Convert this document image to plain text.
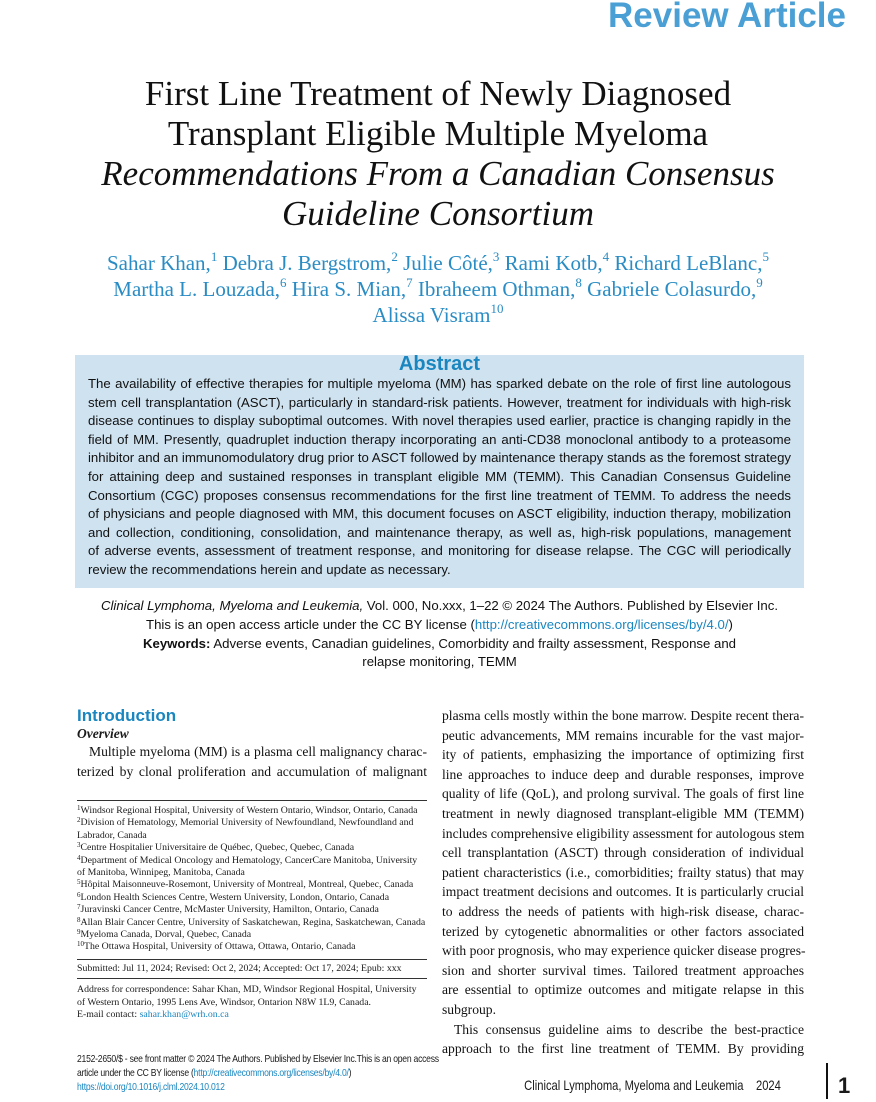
Review Article
First Line Treatment of Newly Diagnosed
Transplant Eligible Multiple Myeloma
Recommendations From a Canadian Consensus
Guideline Consortium
Sahar Khan,$^1$ Debra J. Bergstrom,$^2$ Julie Côté,$^3$ Rami Kotb,$^4$ Richard LeBlanc,$^5$
Martha L. Louzada,$^6$ Hira S. Mian,$^7$ Ibraheem Othman,$^8$ Gabriele Colasurdo,$^9$
Alissa Visram$^{10}$
Abstract
The availability of effective therapies for multiple myeloma (MM) has sparked debate on the role of first line autologous
stem cell transplantation (ASCT), particularly in standard-risk patients. However, treatment for individuals with high-risk
disease continues to display suboptimal outcomes. With novel therapies used earlier, practice is changing rapidly in the
field of MM. Presently, quadruplet induction therapy incorporating an anti-CD38 monoclonal antibody to a proteasome
inhibitor and an immunomodulatory drug prior to ASCT followed by maintenance therapy stands as the foremost strategy
for attaining deep and sustained responses in transplant eligible MM (TEMM). This Canadian Consensus Guideline
Consortium (CGC) proposes consensus recommendations for the first line treatment of TEMM. To address the needs
of physicians and people diagnosed with MM, this document focuses on ASCT eligibility, induction therapy, mobilization
and collection, conditioning, consolidation, and maintenance therapy, as well as, high-risk populations, management
of adverse events, assessment of treatment response, and monitoring for disease relapse. The CGC will periodically
review the recommendations herein and update as necessary.
Clinical Lymphoma, Myeloma and Leukemia, Vol. 000, No.xxx, 1–22 © 2024 The Authors. Published by Elsevier Inc.
This is an open access article under the CC BY license (http://creativecommons.org/licenses/by/4.0/)
Keywords: Adverse events, Canadian guidelines, Comorbidity and frailty assessment, Response and relapse monitoring, TEMM
Introduction
Overview
Multiple myeloma (MM) is a plasma cell malignancy charac-
terized by clonal proliferation and accumulation of malignant
$^1$Windsor Regional Hospital, University of Western Ontario, Windsor, Ontario, Canada
$^2$Division of Hematology, Memorial University of Newfoundland, Newfoundland and Labrador, Canada
$^3$Centre Hospitalier Universitaire de Québec, Quebec, Quebec, Canada
$^4$Department of Medical Oncology and Hematology, CancerCare Manitoba, University of Manitoba, Winnipeg, Manitoba, Canada
$^5$Hôpital Maisonneuve-Rosemont, University of Montreal, Montreal, Quebec, Canada
$^6$London Health Sciences Centre, Western University, London, Ontario, Canada
$^7$Juravinski Cancer Centre, McMaster University, Hamilton, Ontario, Canada
$^8$Allan Blair Cancer Centre, University of Saskatchewan, Regina, Saskatchewan, Canada
$^9$Myeloma Canada, Dorval, Quebec, Canada
$^{10}$The Ottawa Hospital, University of Ottawa, Ottawa, Ontario, Canada
Submitted: Jul 11, 2024; Revised: Oct 2, 2024; Accepted: Oct 17, 2024; Epub: xxx
Address for correspondence: Sahar Khan, MD, Windsor Regional Hospital, University of Western Ontario, 1995 Lens Ave, Windsor, Ontarion N8W 1L9, Canada.
E-mail contact: sahar.khan@wrh.on.ca
plasma cells mostly within the bone marrow. Despite recent thera-
peutic advancements, MM remains incurable for the vast major-
ity of patients, emphasizing the importance of optimizing first
line approaches to induce deep and durable responses, improve
quality of life (QoL), and prolong survival. The goals of first line
treatment in newly diagnosed transplant-eligible MM (TEMM)
includes comprehensive eligibility assessment for autologous stem
cell transplantation (ASCT) through consideration of individual
patient characteristics (i.e., comorbidities; frailty status) that may
impact treatment decisions and outcomes. It is particularly crucial
to address the needs of patients with high-risk disease, charac-
terized by cytogenetic abnormalities or other factors associated
with poor prognosis, who may experience quicker disease progres-
sion and shorter survival times. Tailored treatment approaches
are essential to optimize outcomes and mitigate relapse in this
subgroup.
This consensus guideline aims to describe the best-practice
approach to the first line treatment of TEMM. By providing
2152-2650/$ - see front matter © 2024 The Authors. Published by Elsevier Inc.This is an open access
article under the CC BY license (http://creativecommons.org/licenses/by/4.0/)
https://doi.org/10.1016/j.clml.2024.10.012	Clinical Lymphoma, Myeloma and Leukemia 2024	1
